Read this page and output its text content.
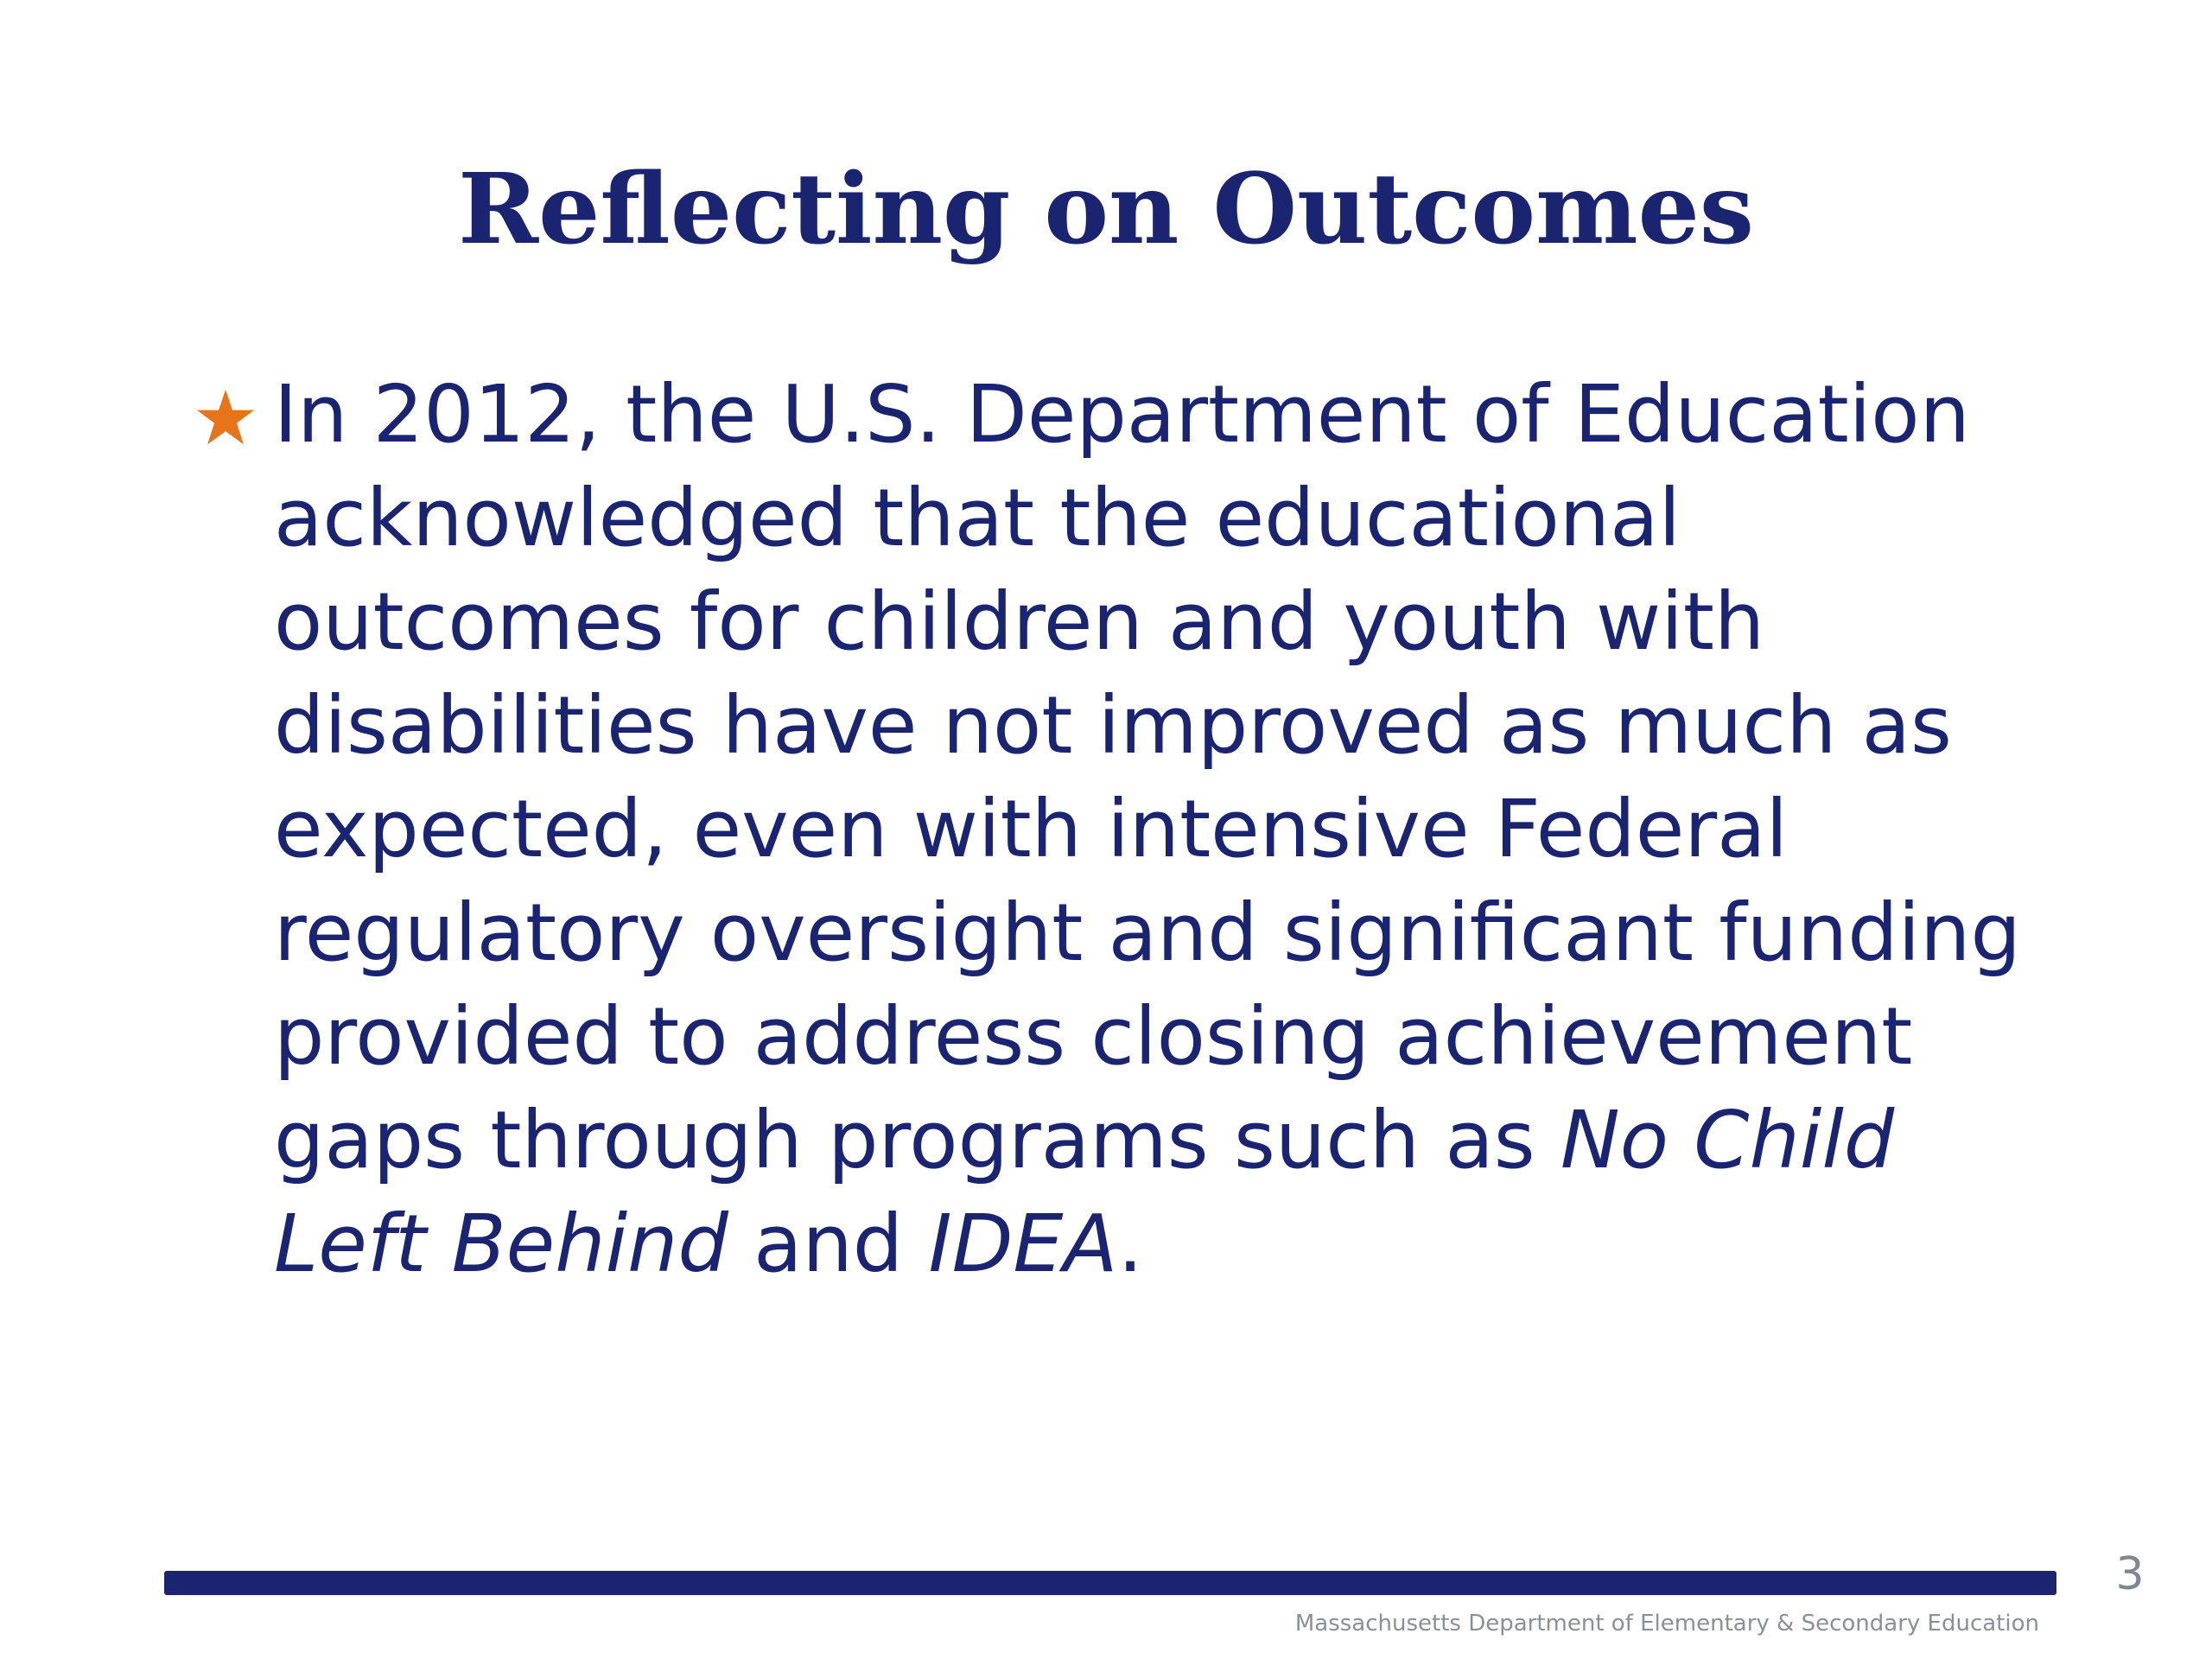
Reflecting on Outcomes

In 2012, the U.S. Department of Education acknowledged that the educational outcomes for children and youth with disabilities have not improved as much as expected, even with intensive Federal regulatory oversight and significant funding provided to address closing achievement gaps through programs such as No Child Left Behind and IDEA.

3
Massachusetts Department of Elementary & Secondary Education
